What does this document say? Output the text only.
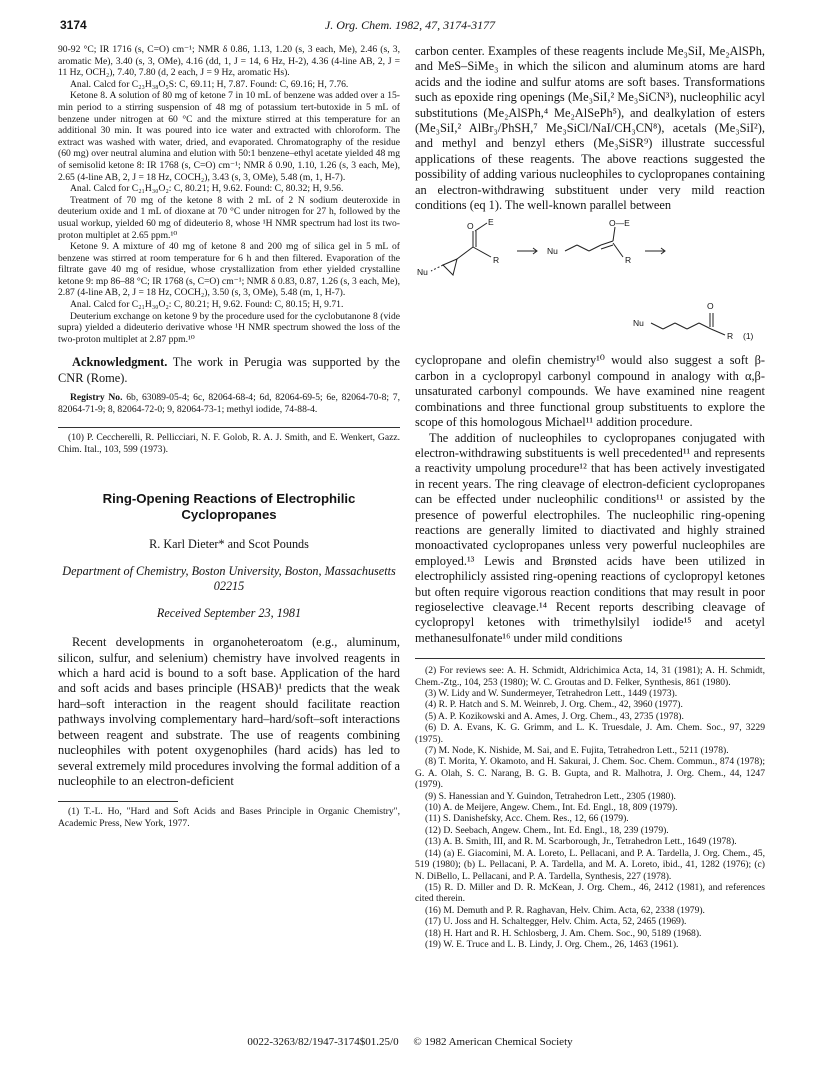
3174	J. Org. Chem. 1982, 47, 3174-3177

90-92 °C; IR 1716 (s, C=O) cm⁻¹; NMR δ 0.86, 1.13, 1.20 (s, 3 each, Me), 2.46 (s, 3, aromatic Me), 3.40 (s, 3, OMe), 4.16 (dd, 1, J = 14, 6 Hz, H-2), 4.36 (4-line AB, 2, J = 11 Hz, OCH₂), 7.40, 7.80 (d, 2 each, J = 9 Hz, aromatic Hs).

Anal. Calcd for C₂₃H₃₈O₅S: C, 69.11; H, 7.87. Found: C, 69.16; H, 7.76.

Ketone 8. A solution of 80 mg of ketone 7 in 10 mL of benzene was added over a 15-min period to a stirring suspension of 48 mg of potassium tert-butoxide in 5 mL of benzene under nitrogen at 60 °C and the mixture stirred at this temperature for an additional 30 min. It was poured into ice water and extracted with chloroform. The extract was washed with water, dried, and evaporated. Chromatography of the residue (60 mg) over neutral alumina and elution with 50:1 benzene–ethyl acetate yielded 48 mg of semisolid ketone 8: IR 1768 (s, C=O) cm⁻¹; NMR δ 0.90, 1.10, 1.26 (s, 3 each, Me), 2.65 (4-line AB, 2, J = 18 Hz, COCH₂), 3.43 (s, 3, OMe), 5.48 (m, 1, H-7).

Anal. Calcd for C₂₁H₃₀O₂: C, 80.21; H, 9.62. Found: C, 80.32; H, 9.56.

Treatment of 70 mg of the ketone 8 with 2 mL of 2 N sodium deuteroxide in deuterium oxide and 1 mL of dioxane at 70 °C under nitrogen for 27 h, followed by the usual workup, yielded 60 mg of dideuterio 8, whose ¹H NMR spectrum had lost its two-proton multiplet at 2.65 ppm.¹⁰

Ketone 9. A mixture of 40 mg of ketone 8 and 200 mg of silica gel in 5 mL of benzene was stirred at room temperature for 6 h and then filtered. Evaporation of the filtrate gave 40 mg of residue, whose crystallization from ether yielded crystalline ketone 9: mp 86–88 °C; IR 1768 (s, C=O) cm⁻¹; NMR δ 0.83, 0.87, 1.26 (s, 3 each, Me), 2.87 (4-line AB, 2, J = 18 Hz, COCH₂), 3.50 (s, 3, OMe), 5.48 (m, 1, H-7).

Anal. Calcd for C₂₁H₃₀O₂: C, 80.21; H, 9.62. Found: C, 80.15; H, 9.71.

Deuterium exchange on ketone 9 by the procedure used for the cyclobutanone 8 (vide supra) yielded a dideuterio derivative whose ¹H NMR spectrum showed the loss of the two-proton multiplet at 2.87 ppm.¹⁰

Acknowledgment. The work in Perugia was supported by the CNR (Rome).

Registry No. 6b, 63089-05-4; 6c, 82064-68-4; 6d, 82064-69-5; 6e, 82064-70-8; 7, 82064-71-9; 8, 82064-72-0; 9, 82064-73-1; methyl iodide, 74-88-4.

(10) P. Ceccherelli, R. Pellicciari, N. F. Golob, R. A. J. Smith, and E. Wenkert, Gazz. Chim. Ital., 103, 599 (1973).

Ring-Opening Reactions of Electrophilic Cyclopropanes

R. Karl Dieter* and Scot Pounds

Department of Chemistry, Boston University, Boston, Massachusetts 02215

Received September 23, 1981

Recent developments in organoheteroatom (e.g., aluminum, silicon, sulfur, and selenium) chemistry have involved reagents in which a hard acid is bound to a soft base. Application of the hard and soft acids and bases principle (HSAB)¹ predicts that the weak hard–soft interaction in the reagent should facilitate reaction pathways involving complementary hard–hard/soft–soft interactions between reagent and substrate. The use of reagents combining nucleophiles with potent oxygenophiles (hard acids) has led to several extremely mild procedures involving the formal addition of a nucleophile to an electron-deficient

(1) T.-L. Ho, "Hard and Soft Acids and Bases Principle in Organic Chemistry", Academic Press, New York, 1977.

carbon center. Examples of these reagents include Me₃SiI, Me₂AlSPh, and MeS–SiMe₃ in which the silicon and aluminum atoms are hard acids and the iodine and sulfur atoms are soft bases. Transformations such as epoxide ring openings (Me₃SiI,² Me₃SiCN³), nucleophilic acyl substitutions (Me₂AlSPh,⁴ Me₂AlSePh⁵), and dealkylation of esters (Me₃SiI,² AlBr₃/PhSH,⁷ Me₃SiCl/NaI/CH₃CN⁸), acetals (Me₃SiI²), and methyl and benzyl ethers (Me₃SiSR⁹) illustrate successful applications of these reagents. The above reactions suggested the possibility of adding various nucleophiles to cyclopropanes containing an electron-withdrawing substituent under very mild reaction conditions (eq 1). The well-known parallel between

E
O
R
Nu
Nu
O—E
R
Nu
O
R (1)

cyclopropane and olefin chemistry¹⁰ would also suggest a soft β-carbon in a cyclopropyl carbonyl compound in analogy with α,β-unsaturated carbonyl compounds. We have examined nine reagent combinations and three functional group substituents to explore the scope of this homologous Michael¹¹ addition procedure.

The addition of nucleophiles to cyclopropanes conjugated with electron-withdrawing substituents is well precedented¹¹ and represents a reactivity umpolung procedure¹² that has been actively investigated in recent years. The ring cleavage of electron-deficient cyclopropanes can be effected under nucleophilic conditions¹¹ or assisted by the presence of powerful electrophiles. The nucleophilic ring-opening reactions are generally limited to diactivated and highly strained monoactivated cyclopropanes unless very powerful nucleophiles are employed.¹³ Lewis and Brønsted acids have been utilized in electrophilicly assisted ring-opening reactions of cyclopropyl ketones but often require vigorous reaction conditions that may result in poor regioselective cleavage.¹⁴ Recent reports describing cleavage of cyclopropyl ketones with trimethylsilyl iodide¹⁵ and acetyl methanesulfonate¹⁶ under mild conditions

(2) For reviews see: A. H. Schmidt, Aldrichimica Acta, 14, 31 (1981); A. H. Schmidt, Chem.-Ztg., 104, 253 (1980); W. C. Groutas and D. Felker, Synthesis, 861 (1980).

(3) W. Lidy and W. Sundermeyer, Tetrahedron Lett., 1449 (1973).

(4) R. P. Hatch and S. M. Weinreb, J. Org. Chem., 42, 3960 (1977).

(5) A. P. Kozikowski and A. Ames, J. Org. Chem., 43, 2735 (1978).

(6) D. A. Evans, K. G. Grimm, and L. K. Truesdale, J. Am. Chem. Soc., 97, 3229 (1975).

(7) M. Node, K. Nishide, M. Sai, and E. Fujita, Tetrahedron Lett., 5211 (1978).

(8) T. Morita, Y. Okamoto, and H. Sakurai, J. Chem. Soc. Chem. Commun., 874 (1978); G. A. Olah, S. C. Narang, B. G. B. Gupta, and R. Malhotra, J. Org. Chem., 44, 1247 (1979).

(9) S. Hanessian and Y. Guindon, Tetrahedron Lett., 2305 (1980).

(10) A. de Meijere, Angew. Chem., Int. Ed. Engl., 18, 809 (1979).

(11) S. Danishefsky, Acc. Chem. Res., 12, 66 (1979).

(12) D. Seebach, Angew. Chem., Int. Ed. Engl., 18, 239 (1979).

(13) A. B. Smith, III, and R. M. Scarborough, Jr., Tetrahedron Lett., 1649 (1978).

(14) (a) E. Giacomini, M. A. Loreto, L. Pellacani, and P. A. Tardella, J. Org. Chem., 45, 519 (1980); (b) L. Pellacani, P. A. Tardella, and M. A. Loreto, ibid., 41, 1282 (1976); (c) N. DiBello, L. Pellacani, and P. A. Tardella, Synthesis, 227 (1978).

(15) R. D. Miller and D. R. McKean, J. Org. Chem., 46, 2412 (1981), and references cited therein.

(16) M. Demuth and P. R. Raghavan, Helv. Chim. Acta, 62, 2338 (1979).

(17) U. Joss and H. Schaltegger, Helv. Chim. Acta, 52, 2465 (1969).

(18) H. Hart and R. H. Schlosberg, J. Am. Chem. Soc., 90, 5189 (1968).

(19) W. E. Truce and L. B. Lindy, J. Org. Chem., 26, 1463 (1961).

0022-3263/82/1947-3174$01.25/0 © 1982 American Chemical Society
